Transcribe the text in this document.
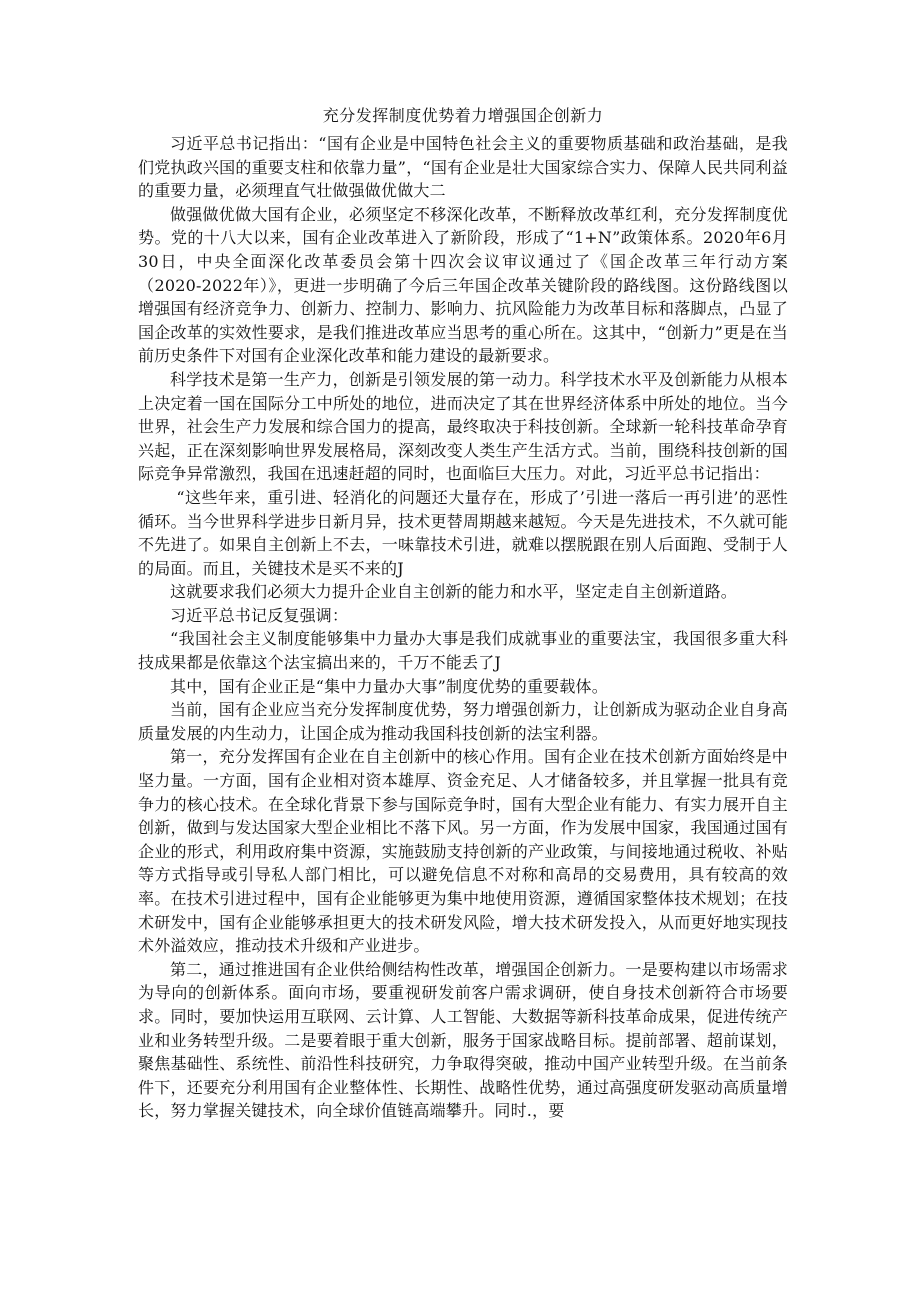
充分发挥制度优势着力增强国企创新力

习近平总书记指出：“国有企业是中国特色社会主义的重要物质基础和政治基础，是我们党执政兴国的重要支柱和依靠力量”，“国有企业是壮大国家综合实力、保障人民共同利益的重要力量，必须理直气壮做强做优做大二

做强做优做大国有企业，必须坚定不移深化改革，不断释放改革红利，充分发挥制度优势。党的十八大以来，国有企业改革进入了新阶段，形成了“1+N”政策体系。2020年6月30日，中央全面深化改革委员会第十四次会议审议通过了《国企改革三年行动方案（2020-2022年）》，更进一步明确了今后三年国企改革关键阶段的路线图。这份路线图以增强国有经济竞争力、创新力、控制力、影响力、抗风险能力为改革目标和落脚点，凸显了国企改革的实效性要求，是我们推进改革应当思考的重心所在。这其中，“创新力”更是在当前历史条件下对国有企业深化改革和能力建设的最新要求。

科学技术是第一生产力，创新是引领发展的第一动力。科学技术水平及创新能力从根本上决定着一国在国际分工中所处的地位，进而决定了其在世界经济体系中所处的地位。当今世界，社会生产力发展和综合国力的提高，最终取决于科技创新。全球新一轮科技革命孕育兴起，正在深刻影响世界发展格局，深刻改变人类生产生活方式。当前，围绕科技创新的国际竞争异常激烈，我国在迅速赶超的同时，也面临巨大压力。对此，习近平总书记指出：

“这些年来，重引进、轻消化的问题还大量存在，形成了’引进一落后一再引进’的恶性循环。当今世界科学进步日新月异，技术更替周期越来越短。今天是先进技术，不久就可能不先进了。如果自主创新上不去，一味靠技术引进，就难以摆脱跟在别人后面跑、受制于人的局面。而且，关键技术是买不来的J

这就要求我们必须大力提升企业自主创新的能力和水平，坚定走自主创新道路。

习近平总书记反复强调：

“我国社会主义制度能够集中力量办大事是我们成就事业的重要法宝，我国很多重大科技成果都是依靠这个法宝搞出来的，千万不能丢了J

其中，国有企业正是“集中力量办大事”制度优势的重要载体。

当前，国有企业应当充分发挥制度优势，努力增强创新力，让创新成为驱动企业自身高质量发展的内生动力，让国企成为推动我国科技创新的法宝利器。

第一，充分发挥国有企业在自主创新中的核心作用。国有企业在技术创新方面始终是中坚力量。一方面，国有企业相对资本雄厚、资金充足、人才储备较多，并且掌握一批具有竞争力的核心技术。在全球化背景下参与国际竞争时，国有大型企业有能力、有实力展开自主创新，做到与发达国家大型企业相比不落下风。另一方面，作为发展中国家，我国通过国有企业的形式，利用政府集中资源，实施鼓励支持创新的产业政策，与间接地通过税收、补贴等方式指导或引导私人部门相比，可以避免信息不对称和高昂的交易费用，具有较高的效率。在技术引进过程中，国有企业能够更为集中地使用资源，遵循国家整体技术规划；在技术研发中，国有企业能够承担更大的技术研发风险，增大技术研发投入，从而更好地实现技术外溢效应，推动技术升级和产业进步。

第二，通过推进国有企业供给侧结构性改革，增强国企创新力。一是要构建以市场需求为导向的创新体系。面向市场，要重视研发前客户需求调研，使自身技术创新符合市场要求。同时，要加快运用互联网、云计算、人工智能、大数据等新科技革命成果，促进传统产业和业务转型升级。二是要着眼于重大创新，服务于国家战略目标。提前部署、超前谋划，聚焦基础性、系统性、前沿性科技研究，力争取得突破，推动中国产业转型升级。在当前条件下，还要充分利用国有企业整体性、长期性、战略性优势，通过高强度研发驱动高质量增长，努力掌握关键技术，向全球价值链高端攀升。同时.，要
